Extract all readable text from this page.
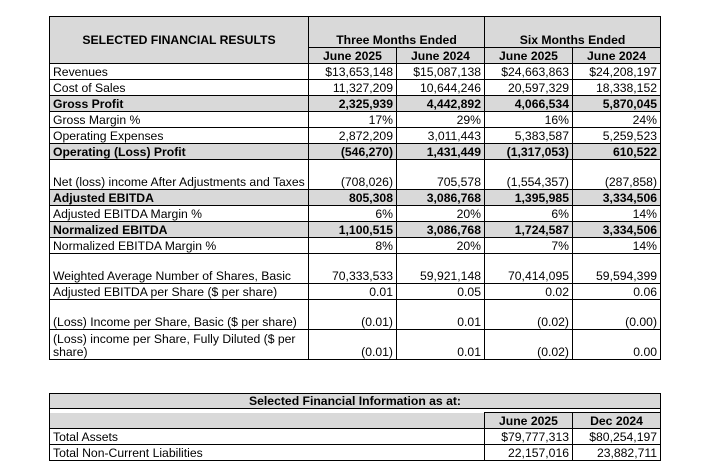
SELECTED FINANCIAL RESULTS	Three Months Ended		Six Months Ended	
	June 2025	June 2024	June 2025	June 2024
Revenues	$13,653,148	$15,087,138	$24,663,863	$24,208,197
Cost of Sales	11,327,209	10,644,246	20,597,329	18,338,152
Gross Profit	2,325,939	4,442,892	4,066,534	5,870,045
Gross Margin %	17%	29%	16%	24%
Operating Expenses	2,872,209	3,011,443	5,383,587	5,259,523
Operating (Loss) Profit	(546,270)	1,431,449	(1,317,053)	610,522
Net (loss) income After Adjustments and Taxes	(708,026)	705,578	(1,554,357)	(287,858)
Adjusted EBITDA	805,308	3,086,768	1,395,985	3,334,506
Adjusted EBITDA Margin %	6%	20%	6%	14%
Normalized EBITDA	1,100,515	3,086,768	1,724,587	3,334,506
Normalized EBITDA Margin %	8%	20%	7%	14%
Weighted Average Number of Shares, Basic	70,333,533	59,921,148	70,414,095	59,594,399
Adjusted EBITDA per Share ($ per share)	0.01	0.05	0.02	0.06
(Loss) Income per Share, Basic ($ per share)	(0.01)	0.01	(0.02)	(0.00)
(Loss) income per Share, Fully Diluted ($ per share)	(0.01)	0.01	(0.02)	0.00
Selected Financial Information as at:		

	June 2025	Dec 2024
Total Assets	$79,777,313	$80,254,197
Total Non-Current Liabilities	22,157,016	23,882,711
